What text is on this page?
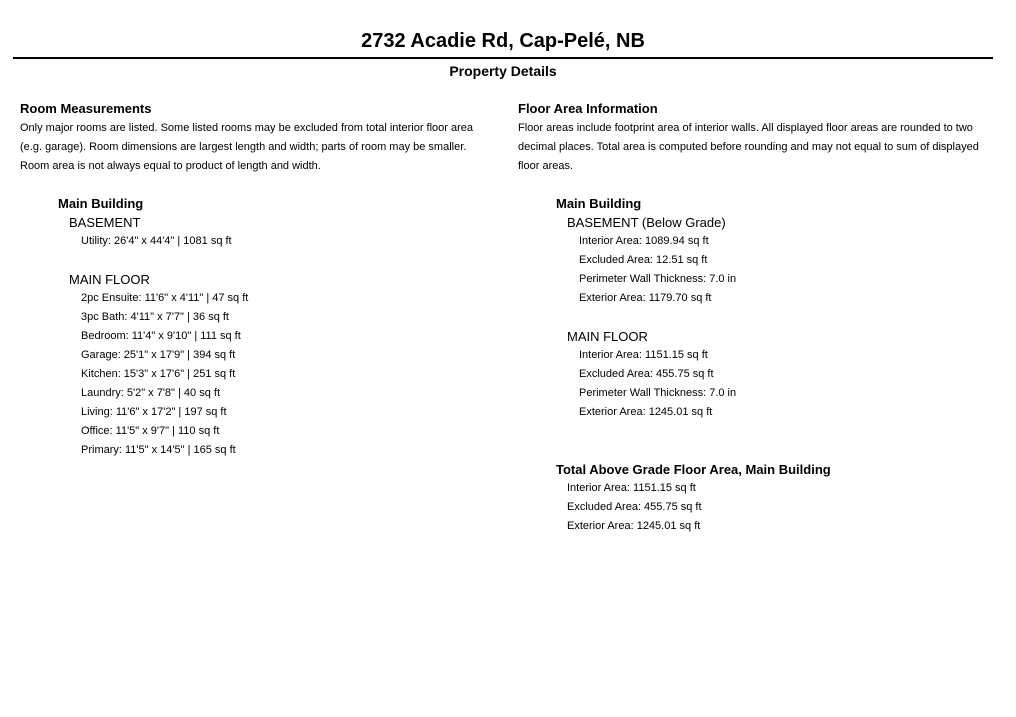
2732 Acadie Rd, Cap-Pelé, NB
Property Details
Room Measurements
Only major rooms are listed. Some listed rooms may be excluded from total interior floor area
(e.g. garage). Room dimensions are largest length and width; parts of room may be smaller.
Room area is not always equal to product of length and width.
Main Building
BASEMENT
Utility: 26'4" x 44'4" | 1081 sq ft
MAIN FLOOR
2pc Ensuite: 11'6" x 4'11" | 47 sq ft
3pc Bath: 4'11" x 7'7" | 36 sq ft
Bedroom: 11'4" x 9'10" | 111 sq ft
Garage: 25'1" x 17'9" | 394 sq ft
Kitchen: 15'3" x 17'6" | 251 sq ft
Laundry: 5'2" x 7'8" | 40 sq ft
Living: 11'6" x 17'2" | 197 sq ft
Office: 11'5" x 9'7" | 110 sq ft
Primary: 11'5" x 14'5" | 165 sq ft
Floor Area Information
Floor areas include footprint area of interior walls. All displayed floor areas are rounded to two
decimal places. Total area is computed before rounding and may not equal to sum of displayed
floor areas.
Main Building
BASEMENT (Below Grade)
Interior Area: 1089.94 sq ft
Excluded Area: 12.51 sq ft
Perimeter Wall Thickness: 7.0 in
Exterior Area: 1179.70 sq ft
MAIN FLOOR
Interior Area: 1151.15 sq ft
Excluded Area: 455.75 sq ft
Perimeter Wall Thickness: 7.0 in
Exterior Area: 1245.01 sq ft
Total Above Grade Floor Area, Main Building
Interior Area: 1151.15 sq ft
Excluded Area: 455.75 sq ft
Exterior Area: 1245.01 sq ft
